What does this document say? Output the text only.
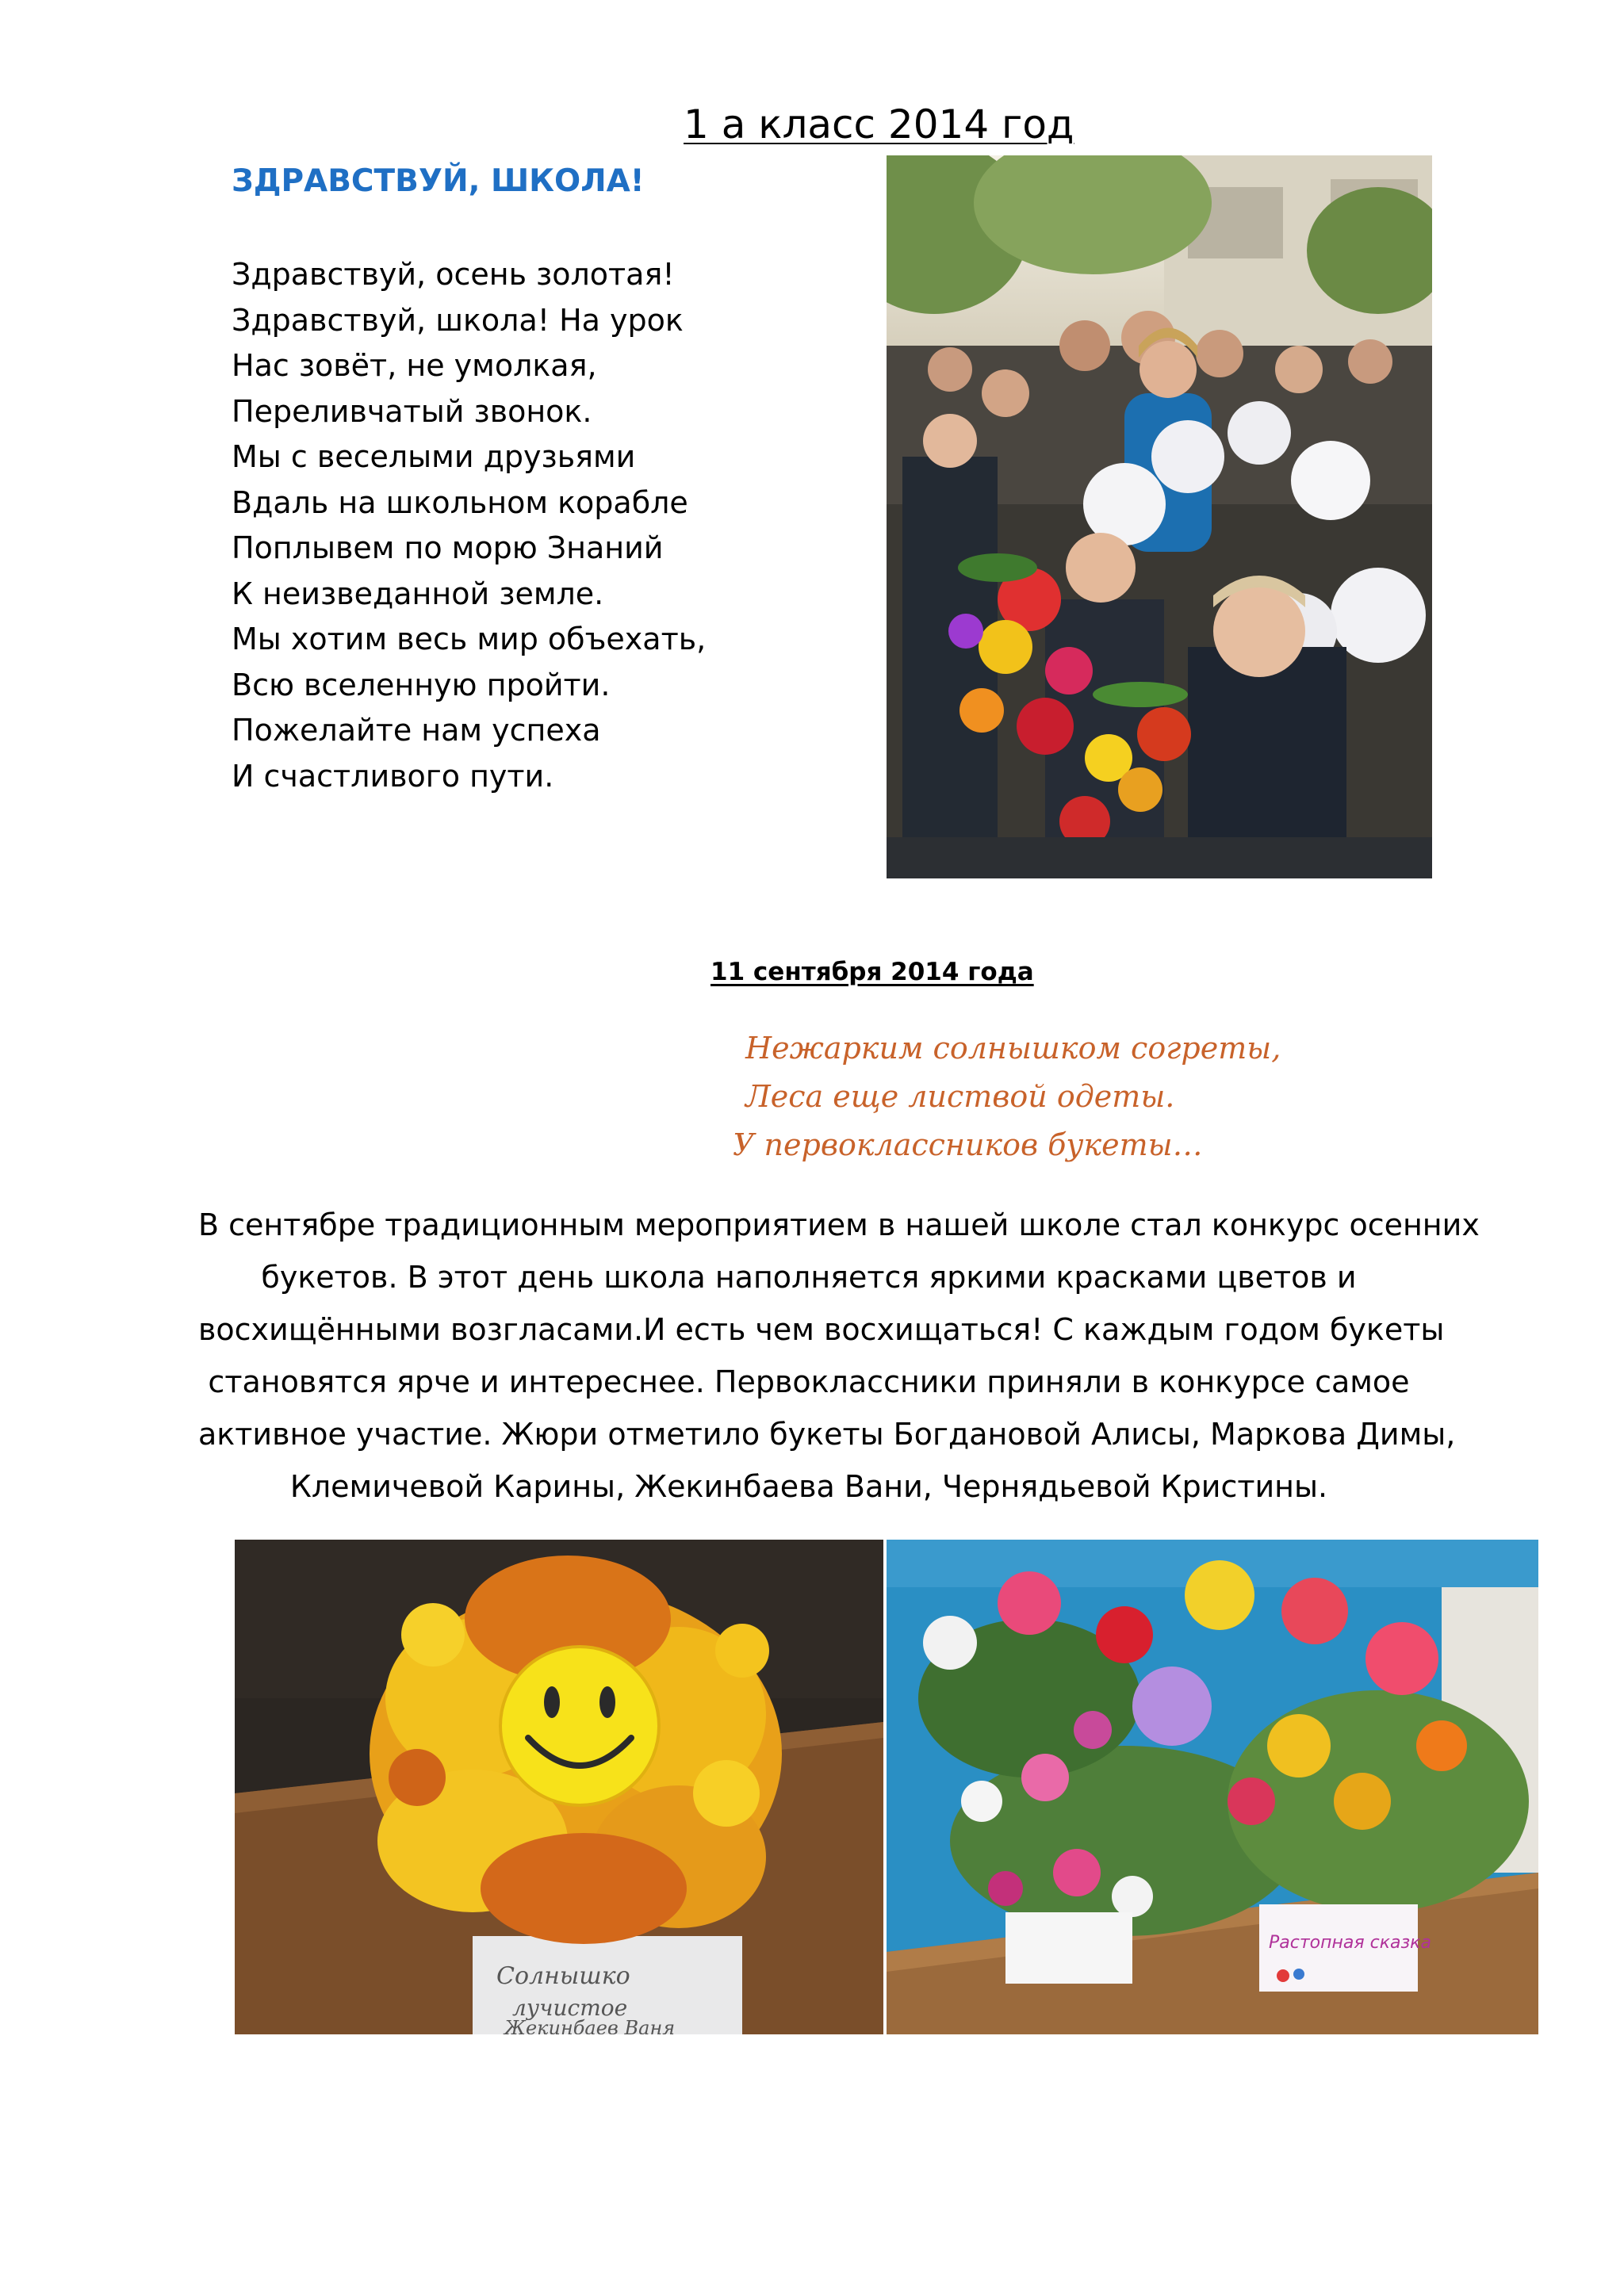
1 а класс 2014 год
ЗДРАВСТВУЙ, ШКОЛА!
Здравствуй, осень золотая!
Здравствуй, школа! На урок
Нас зовёт, не умолкая,
Переливчатый звонок.
Мы с веселыми друзьями
Вдаль на школьном корабле
Поплывем по морю Знаний
К неизведанной земле.
Мы хотим весь мир объехать,
Всю вселенную пройти.
Пожелайте нам успеха
И счастливого пути.
11 сентября 2014 года
Нежарким солнышком согреты,
Леса еще листвой одеты.
У первоклассников букеты…
В сентябре традиционным мероприятием в нашей школе стал конкурс осенних
букетов. В этот день школа наполняется яркими красками цветов и
восхищёнными возгласами.И есть чем восхищаться! С каждым годом букеты
становятся ярче и интереснее. Первоклассники приняли в конкурсе самое
активное участие. Жюри отметило букеты Богдановой Алисы, Маркова Димы,
Клемичевой Карины, Жекинбаева Вани, Чернядьевой Кристины.
Солнышко
лучистое
Жекинбаев Ваня
Растопная сказка
